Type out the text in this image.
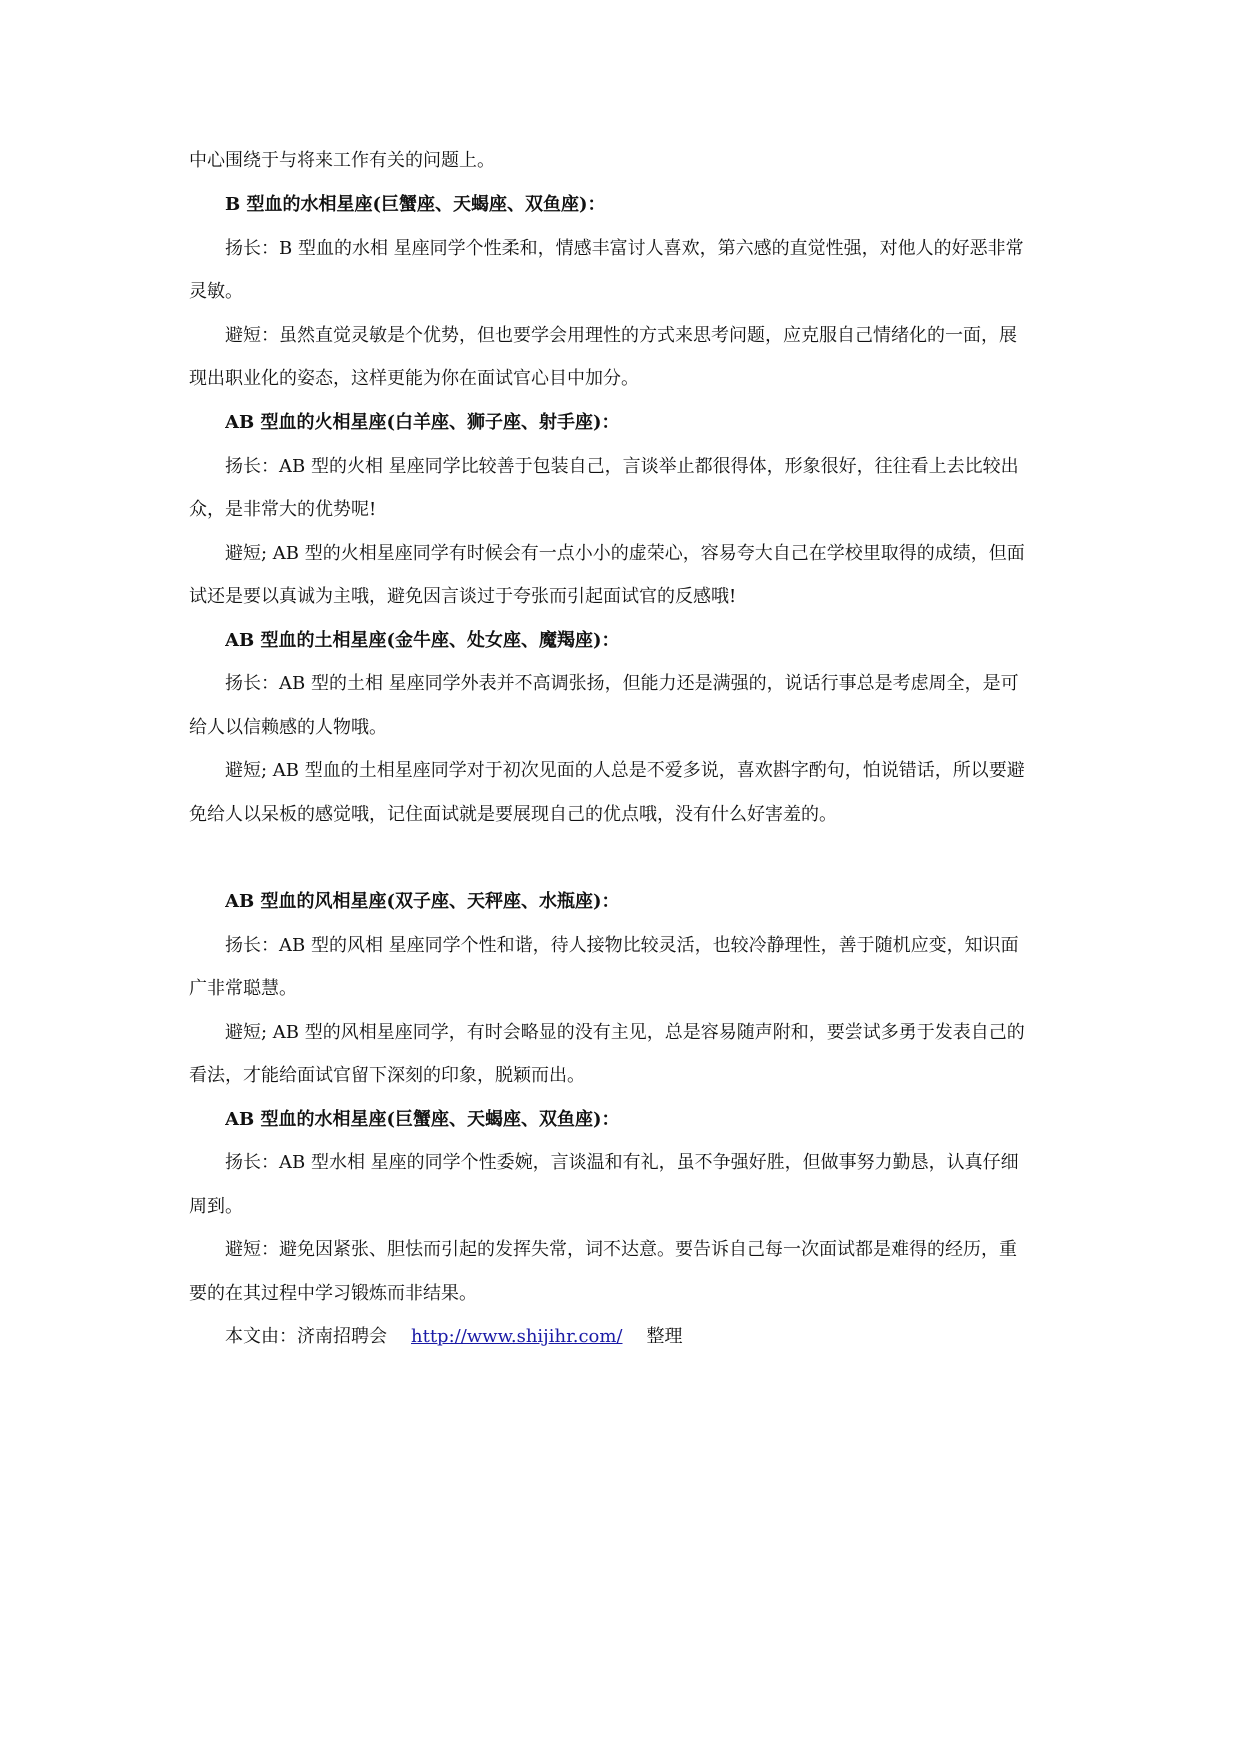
中心围绕于与将来工作有关的问题上。
B 型血的水相星座(巨蟹座、天蝎座、双鱼座)：
扬长：B 型血的水相 星座同学个性柔和，情感丰富讨人喜欢，第六感的直觉性强，对他人的好恶非常
灵敏。
避短：虽然直觉灵敏是个优势，但也要学会用理性的方式来思考问题，应克服自己情绪化的一面，展
现出职业化的姿态，这样更能为你在面试官心目中加分。
AB 型血的火相星座(白羊座、狮子座、射手座)：
扬长：AB 型的火相 星座同学比较善于包装自己，言谈举止都很得体，形象很好，往往看上去比较出
众，是非常大的优势呢!
避短; AB 型的火相星座同学有时候会有一点小小的虚荣心，容易夸大自己在学校里取得的成绩，但面
试还是要以真诚为主哦，避免因言谈过于夸张而引起面试官的反感哦!
AB 型血的土相星座(金牛座、处女座、魔羯座)：
扬长：AB 型的土相 星座同学外表并不高调张扬，但能力还是满强的，说话行事总是考虑周全，是可
给人以信赖感的人物哦。
避短; AB 型血的土相星座同学对于初次见面的人总是不爱多说，喜欢斟字酌句，怕说错话，所以要避
免给人以呆板的感觉哦，记住面试就是要展现自己的优点哦，没有什么好害羞的。
AB 型血的风相星座(双子座、天秤座、水瓶座)：
扬长：AB 型的风相 星座同学个性和谐，待人接物比较灵活，也较冷静理性，善于随机应变，知识面
广非常聪慧。
避短; AB 型的风相星座同学，有时会略显的没有主见，总是容易随声附和，要尝试多勇于发表自己的
看法，才能给面试官留下深刻的印象，脱颖而出。
AB 型血的水相星座(巨蟹座、天蝎座、双鱼座)：
扬长：AB 型水相 星座的同学个性委婉，言谈温和有礼，虽不争强好胜，但做事努力勤恳，认真仔细
周到。
避短：避免因紧张、胆怯而引起的发挥失常，词不达意。要告诉自己每一次面试都是难得的经历，重
要的在其过程中学习锻炼而非结果。
本文由：济南招聘会 http://www.shijihr.com/ 整理
